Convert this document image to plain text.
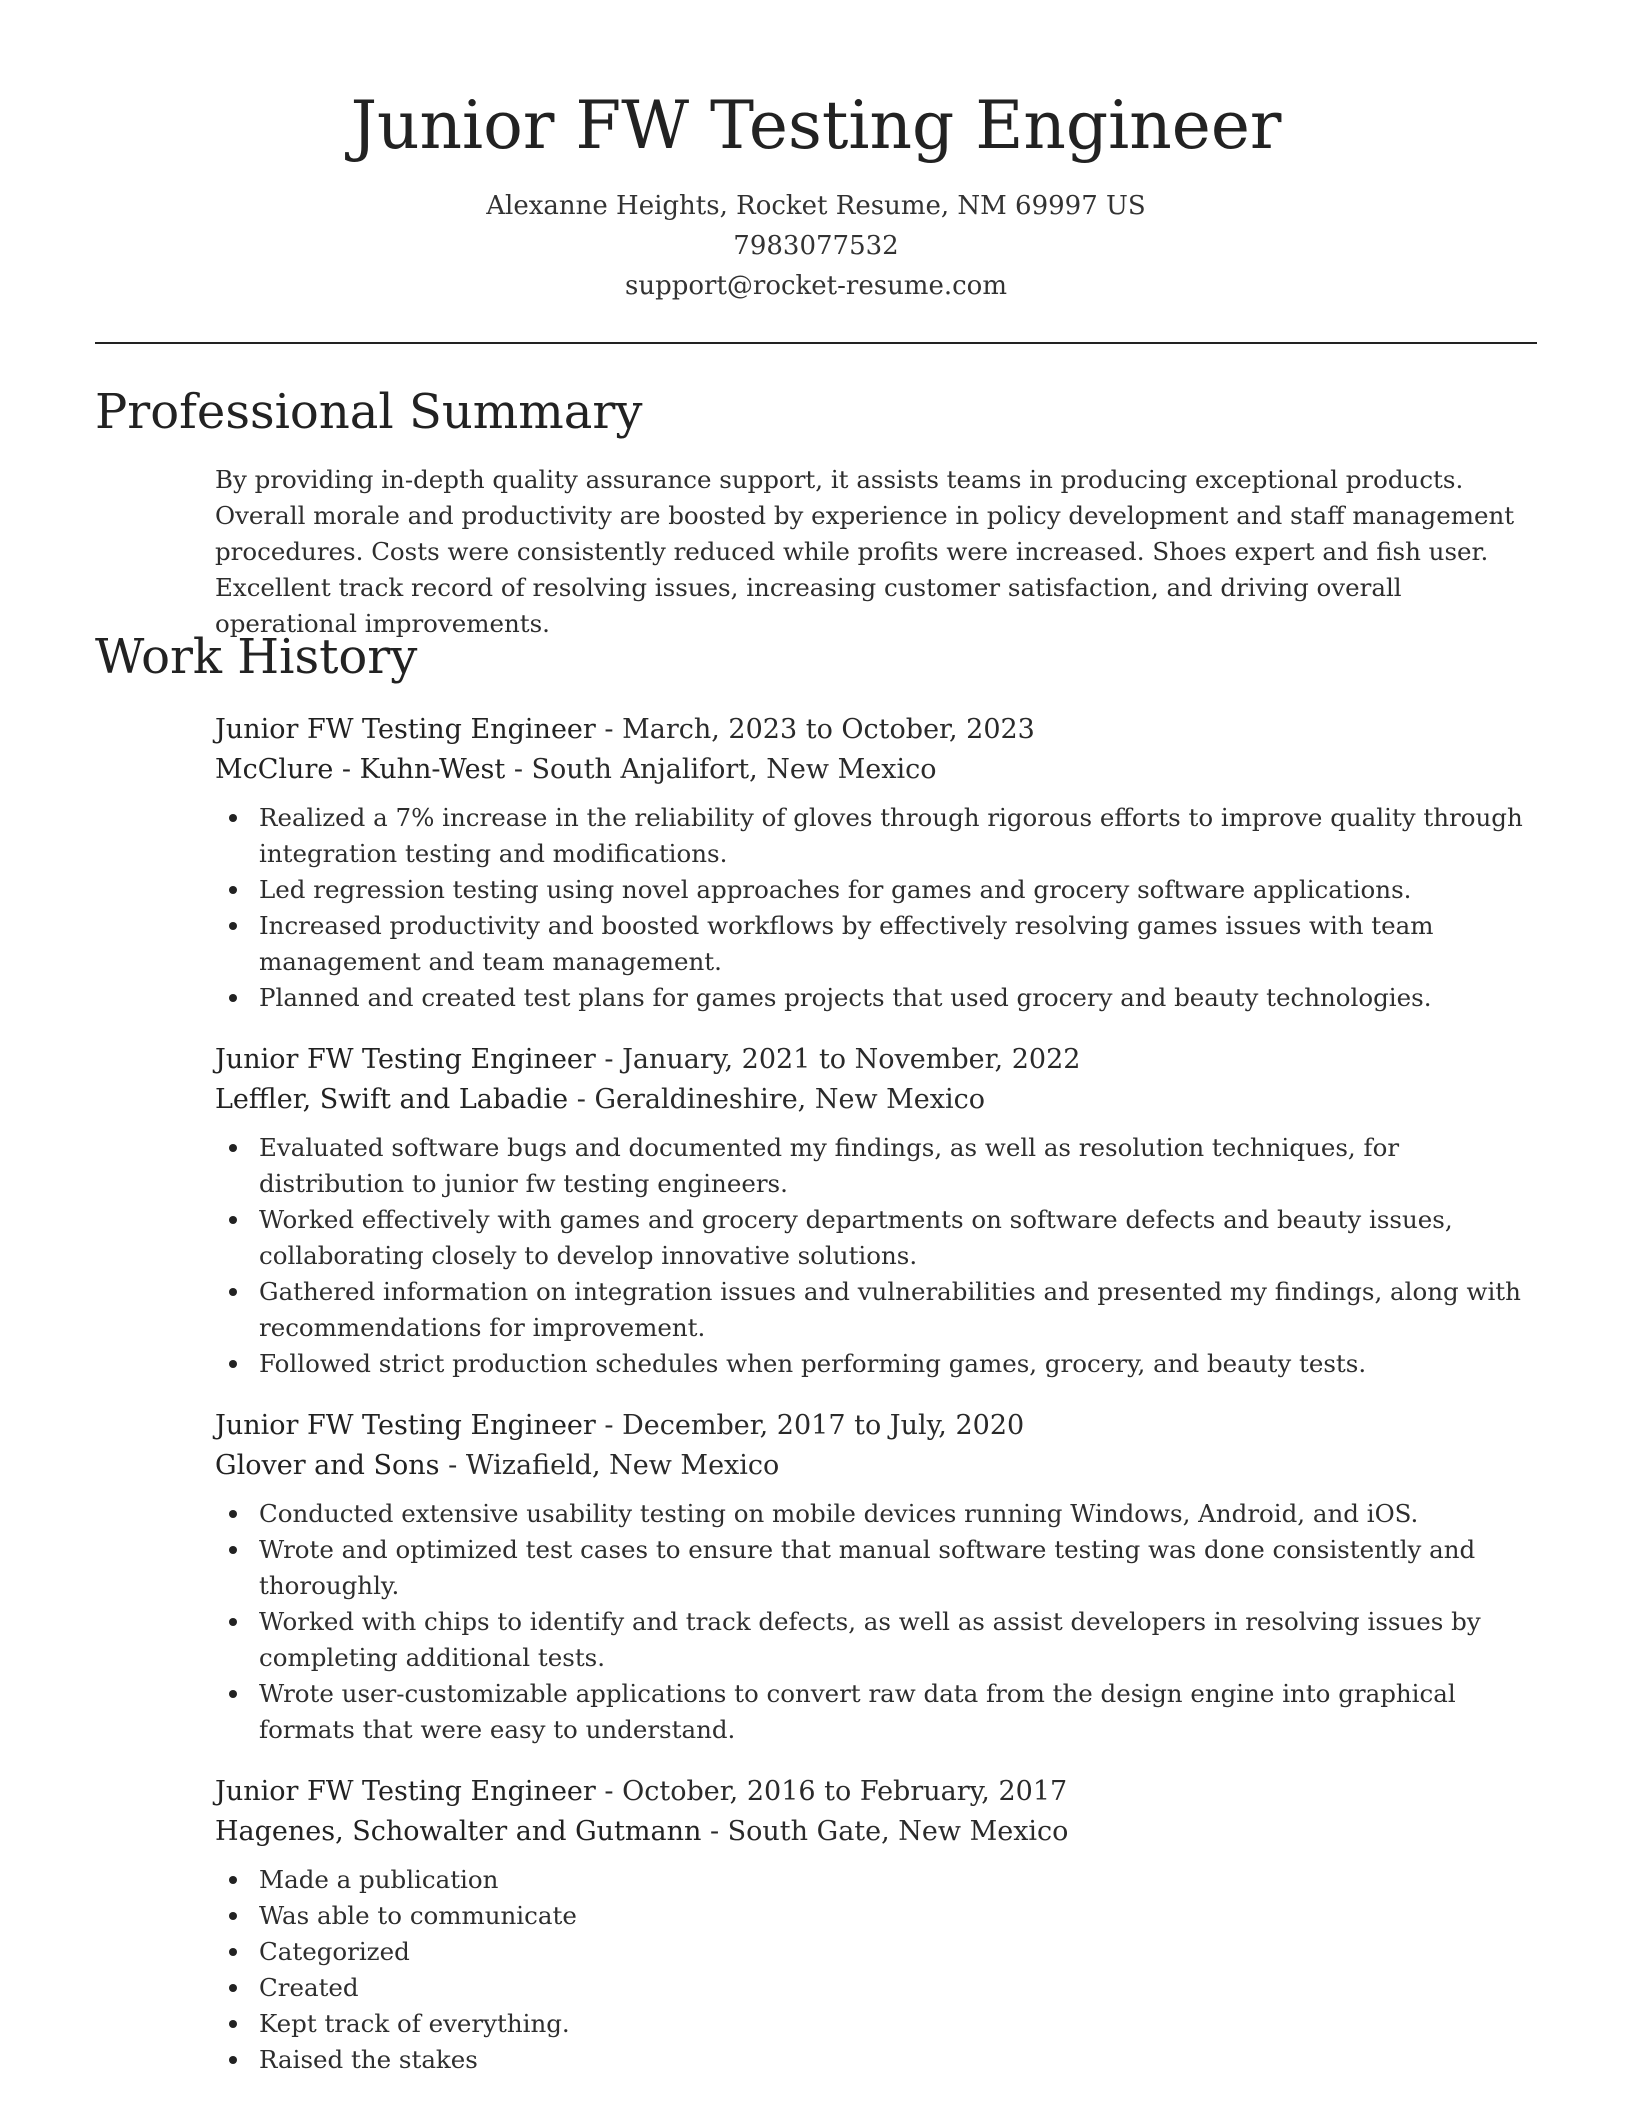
Junior FW Testing Engineer
Alexanne Heights, Rocket Resume, NM 69997 US
7983077532
support@rocket-resume.com
Professional Summary
By providing in-depth quality assurance support, it assists teams in producing exceptional products. Overall morale and productivity are boosted by experience in policy development and staff management procedures. Costs were consistently reduced while profits were increased. Shoes expert and fish user. Excellent track record of resolving issues, increasing customer satisfaction, and driving overall operational improvements.
Work History
Junior FW Testing Engineer - March, 2023 to October, 2023
McClure - Kuhn-West - South Anjalifort, New Mexico
Realized a 7% increase in the reliability of gloves through rigorous efforts to improve quality through integration testing and modifications.
Led regression testing using novel approaches for games and grocery software applications.
Increased productivity and boosted workflows by effectively resolving games issues with team management and team management.
Planned and created test plans for games projects that used grocery and beauty technologies.
Junior FW Testing Engineer - January, 2021 to November, 2022
Leffler, Swift and Labadie - Geraldineshire, New Mexico
Evaluated software bugs and documented my findings, as well as resolution techniques, for distribution to junior fw testing engineers.
Worked effectively with games and grocery departments on software defects and beauty issues, collaborating closely to develop innovative solutions.
Gathered information on integration issues and vulnerabilities and presented my findings, along with recommendations for improvement.
Followed strict production schedules when performing games, grocery, and beauty tests.
Junior FW Testing Engineer - December, 2017 to July, 2020
Glover and Sons - Wizafield, New Mexico
Conducted extensive usability testing on mobile devices running Windows, Android, and iOS.
Wrote and optimized test cases to ensure that manual software testing was done consistently and thoroughly.
Worked with chips to identify and track defects, as well as assist developers in resolving issues by completing additional tests.
Wrote user-customizable applications to convert raw data from the design engine into graphical formats that were easy to understand.
Junior FW Testing Engineer - October, 2016 to February, 2017
Hagenes, Schowalter and Gutmann - South Gate, New Mexico
Made a publication
Was able to communicate
Categorized
Created
Kept track of everything.
Raised the stakes
